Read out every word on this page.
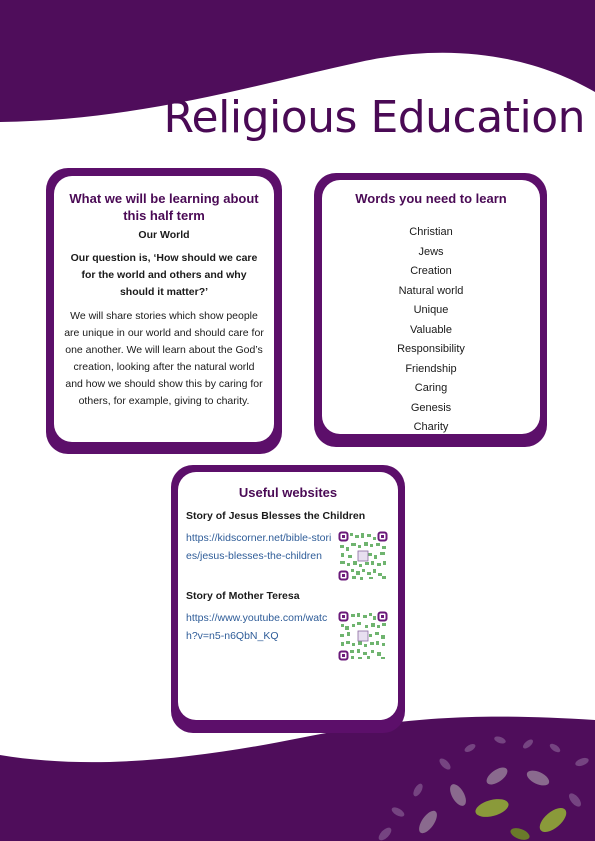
Religious Education
What we will be learning about this half term
Our World
Our question is, ‘How should we care for the world and others and why should it matter?’

We will share stories which show people are unique in our world and should care for one another. We will learn about the God’s creation, looking after the natural world and how we should show this by caring for others, for example, giving to charity.

Words you need to learn
Christian
Jews
Creation
Natural world
Unique
Valuable
Responsibility
Friendship
Caring
Genesis
Charity
Useful websites
Story of Jesus Blesses the Children
https://kidscorner.net/bible-stories/jesus-blesses-the-children
Story of Mother Teresa
https://www.youtube.com/watch?v=n5-n6QbN_KQ
